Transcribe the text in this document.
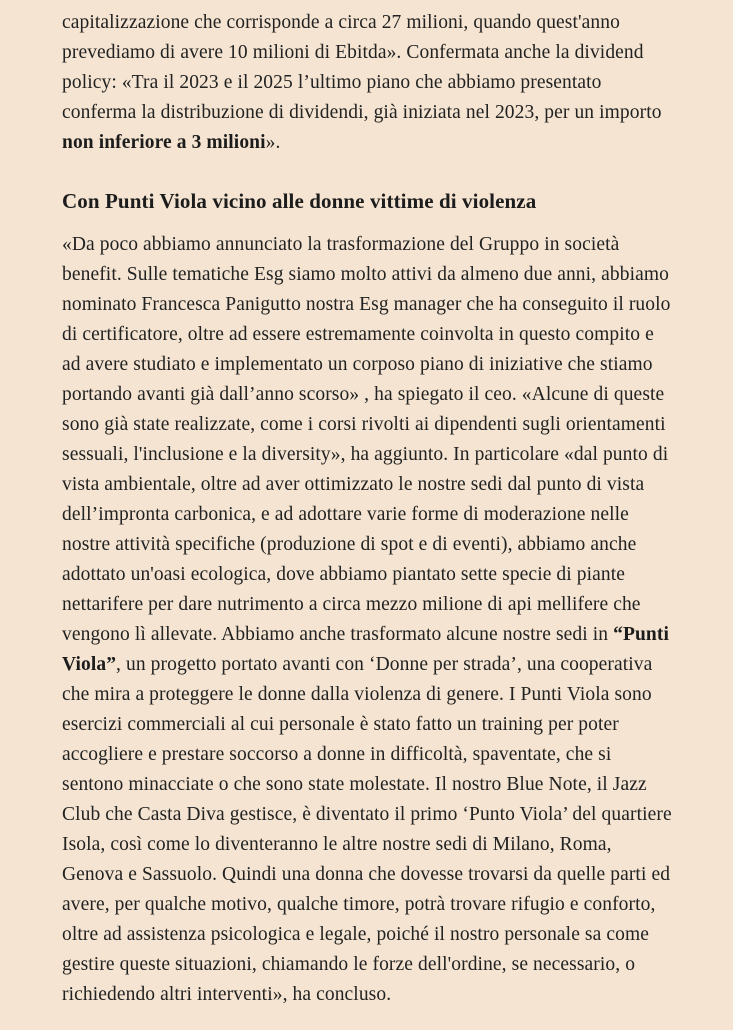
capitalizzazione che corrisponde a circa 27 milioni, quando quest'anno prevediamo di avere 10 milioni di Ebitda». Confermata anche la dividend policy: «Tra il 2023 e il 2025 l’ultimo piano che abbiamo presentato conferma la distribuzione di dividendi, già iniziata nel 2023, per un importo non inferiore a 3 milioni».

Con Punti Viola vicino alle donne vittime di violenza

«Da poco abbiamo annunciato la trasformazione del Gruppo in società benefit. Sulle tematiche Esg siamo molto attivi da almeno due anni, abbiamo nominato Francesca Panigutto nostra Esg manager che ha conseguito il ruolo di certificatore, oltre ad essere estremamente coinvolta in questo compito e ad avere studiato e implementato un corposo piano di iniziative che stiamo portando avanti già dall’anno scorso» , ha spiegato il ceo. «Alcune di queste sono già state realizzate, come i corsi rivolti ai dipendenti sugli orientamenti sessuali, l'inclusione e la diversity», ha aggiunto. In particolare «dal punto di vista ambientale, oltre ad aver ottimizzato le nostre sedi dal punto di vista dell’impronta carbonica, e ad adottare varie forme di moderazione nelle nostre attività specifiche (produzione di spot e di eventi), abbiamo anche adottato un'oasi ecologica, dove abbiamo piantato sette specie di piante nettarifere per dare nutrimento a circa mezzo milione di api mellifere che vengono lì allevate. Abbiamo anche trasformato alcune nostre sedi in “Punti Viola”, un progetto portato avanti con ‘Donne per strada’, una cooperativa che mira a proteggere le donne dalla violenza di genere. I Punti Viola sono esercizi commerciali al cui personale è stato fatto un training per poter accogliere e prestare soccorso a donne in difficoltà, spaventate, che si sentono minacciate o che sono state molestate. Il nostro Blue Note, il Jazz Club che Casta Diva gestisce, è diventato il primo ‘Punto Viola’ del quartiere Isola, così come lo diventeranno le altre nostre sedi di Milano, Roma, Genova e Sassuolo. Quindi una donna che dovesse trovarsi da quelle parti ed avere, per qualche motivo, qualche timore, potrà trovare rifugio e conforto, oltre ad assistenza psicologica e legale, poiché il nostro personale sa come gestire queste situazioni, chiamando le forze dell'ordine, se necessario, o richiedendo altri interventi», ha concluso.
